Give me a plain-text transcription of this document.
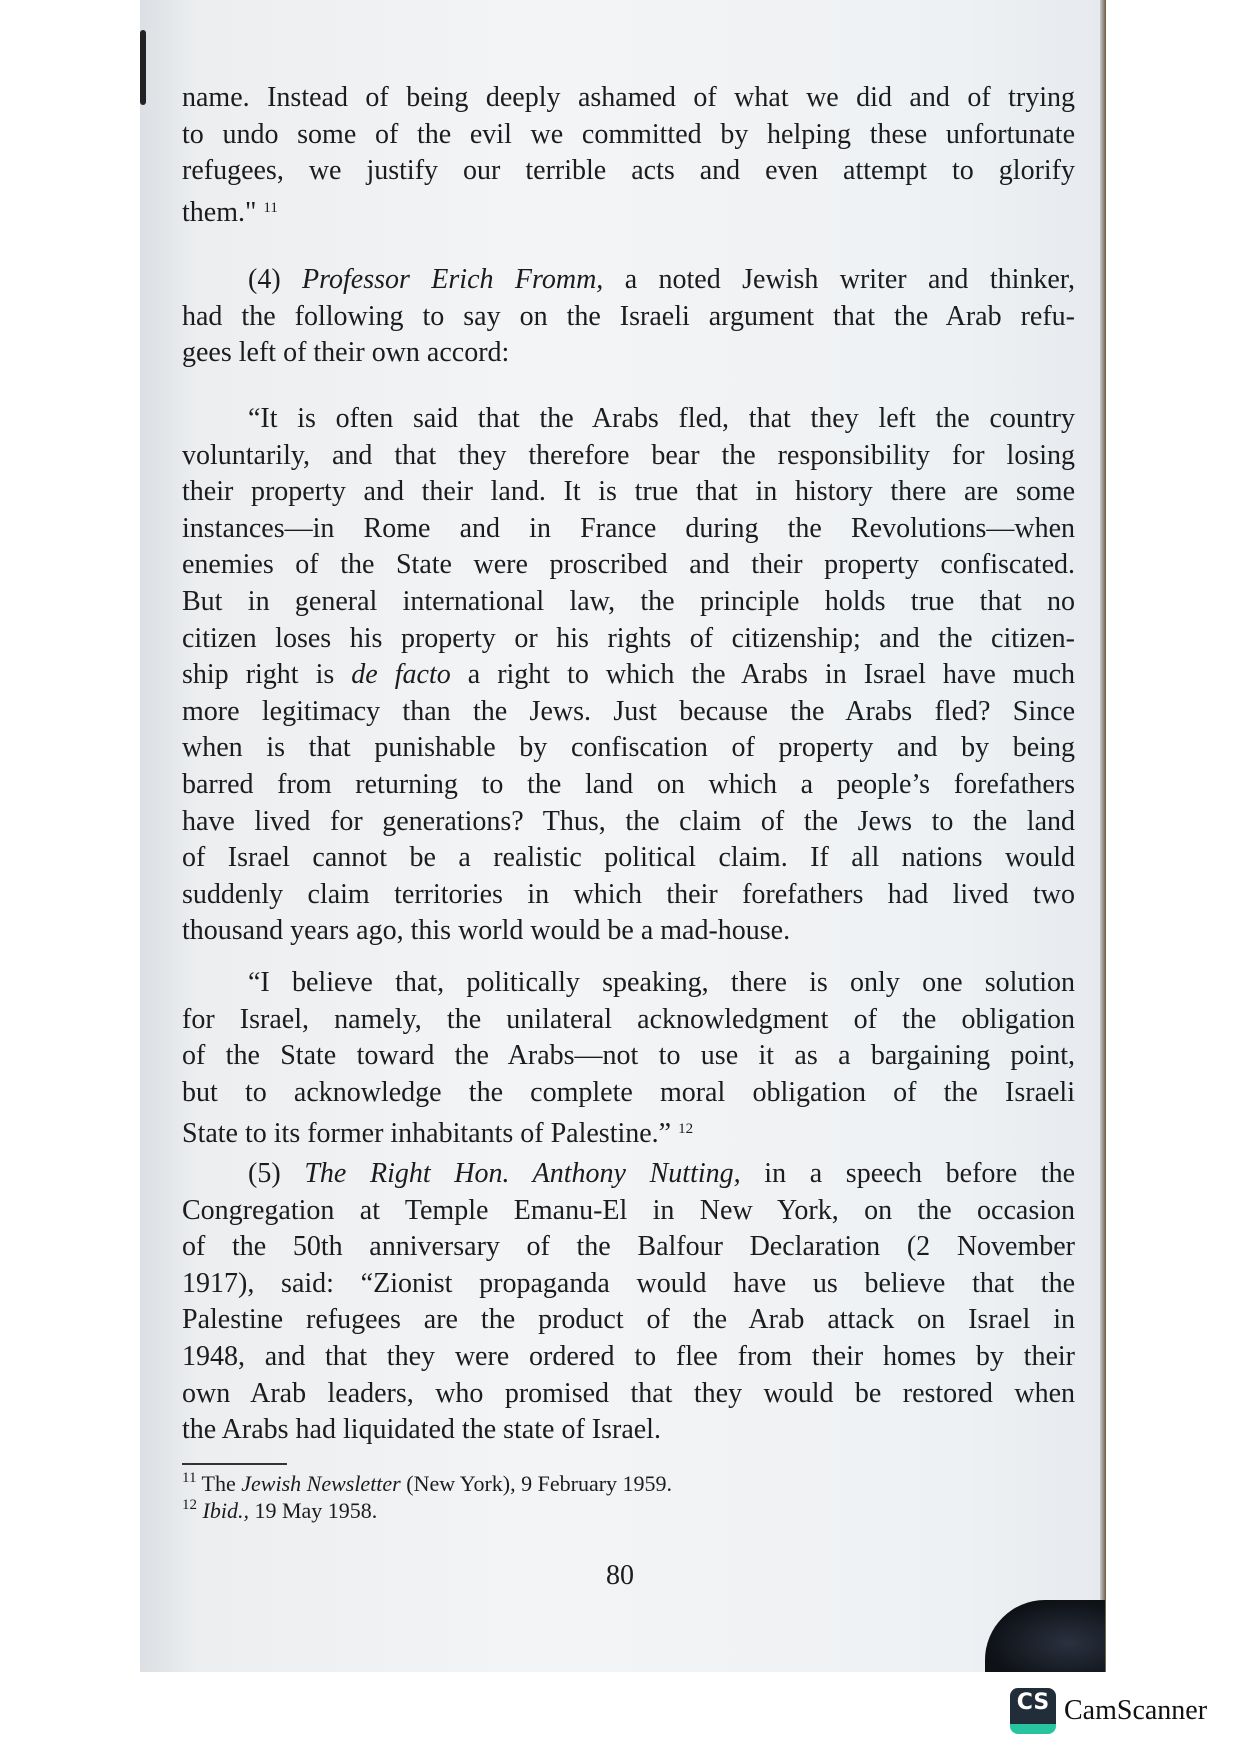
name. Instead of being deeply ashamed of what we did and of trying
to undo some of the evil we committed by helping these unfortunate
refugees, we justify our terrible acts and even attempt to glorify
them." $^{11}$
(4) Professor Erich Fromm, a noted Jewish writer and thinker,
had the following to say on the Israeli argument that the Arab refu-
gees left of their own accord:
“It is often said that the Arabs fled, that they left the country
voluntarily, and that they therefore bear the responsibility for losing
their property and their land. It is true that in history there are some
instances—in Rome and in France during the Revolutions—when
enemies of the State were proscribed and their property confiscated.
But in general international law, the principle holds true that no
citizen loses his property or his rights of citizenship; and the citizen-
ship right is de facto a right to which the Arabs in Israel have much
more legitimacy than the Jews. Just because the Arabs fled? Since
when is that punishable by confiscation of property and by being
barred from returning to the land on which a people’s forefathers
have lived for generations? Thus, the claim of the Jews to the land
of Israel cannot be a realistic political claim. If all nations would
suddenly claim territories in which their forefathers had lived two
thousand years ago, this world would be a mad-house.
“I believe that, politically speaking, there is only one solution
for Israel, namely, the unilateral acknowledgment of the obligation
of the State toward the Arabs—not to use it as a bargaining point,
but to acknowledge the complete moral obligation of the Israeli
State to its former inhabitants of Palestine.” $^{12}$
(5) The Right Hon. Anthony Nutting, in a speech before the
Congregation at Temple Emanu-El in New York, on the occasion
of the 50th anniversary of the Balfour Declaration (2 November
1917), said: “Zionist propaganda would have us believe that the
Palestine refugees are the product of the Arab attack on Israel in
1948, and that they were ordered to flee from their homes by their
own Arab leaders, who promised that they would be restored when
the Arabs had liquidated the state of Israel.
$^{11}$ The Jewish Newsletter (New York), 9 February 1959.
$^{12}$ Ibid., 19 May 1958.
80
CS CamScanner
